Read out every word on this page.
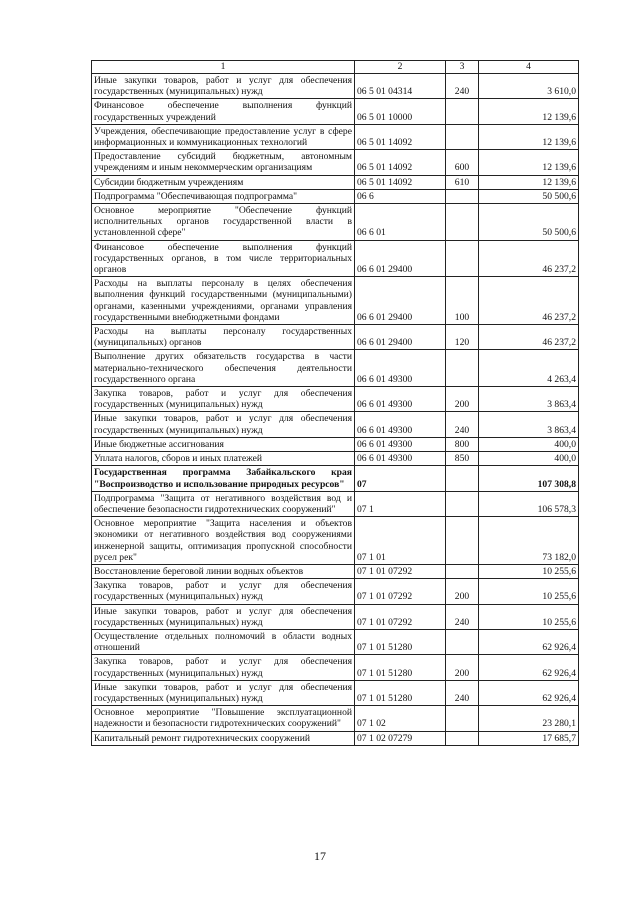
1	2	3	4
Иные закупки товаров, работ и услуг для обеспечения государственных (муниципальных) нужд	06 5 01 04314	240	3 610,0
Финансовое обеспечение выполнения функций государственных учреждений	06 5 01 10000		12 139,6
Учреждения, обеспечивающие предоставление услуг в сфере информационных и коммуникационных технологий	06 5 01 14092		12 139,6
Предоставление субсидий бюджетным, автономным учреждениям и иным некоммерческим организациям	06 5 01 14092	600	12 139,6
Субсидии бюджетным учреждениям	06 5 01 14092	610	12 139,6
Подпрограмма "Обеспечивающая подпрограмма"	06 6		50 500,6
Основное мероприятие "Обеспечение функций исполнительных органов государственной власти в установленной сфере"	06 6 01		50 500,6
Финансовое обеспечение выполнения функций государственных органов, в том числе территориальных органов	06 6 01 29400		46 237,2
Расходы на выплаты персоналу в целях обеспечения выполнения функций государственными (муниципальными) органами, казенными учреждениями, органами управления государственными внебюджетными фондами	06 6 01 29400	100	46 237,2
Расходы на выплаты персоналу государственных (муниципальных) органов	06 6 01 29400	120	46 237,2
Выполнение других обязательств государства в части материально-технического обеспечения деятельности государственного органа	06 6 01 49300		4 263,4
Закупка товаров, работ и услуг для обеспечения государственных (муниципальных) нужд	06 6 01 49300	200	3 863,4
Иные закупки товаров, работ и услуг для обеспечения государственных (муниципальных) нужд	06 6 01 49300	240	3 863,4
Иные бюджетные ассигнования	06 6 01 49300	800	400,0
Уплата налогов, сборов и иных платежей	06 6 01 49300	850	400,0
Государственная программа Забайкальского края "Воспроизводство и использование природных ресурсов"	07		107 308,8
Подпрограмма "Защита от негативного воздействия вод и обеспечение безопасности гидротехнических сооружений"	07 1		106 578,3
Основное мероприятие "Защита населения и объектов экономики от негативного воздействия вод сооружениями инженерной защиты, оптимизация пропускной способности русел рек"	07 1 01		73 182,0
Восстановление береговой линии водных объектов	07 1 01 07292		10 255,6
Закупка товаров, работ и услуг для обеспечения государственных (муниципальных) нужд	07 1 01 07292	200	10 255,6
Иные закупки товаров, работ и услуг для обеспечения государственных (муниципальных) нужд	07 1 01 07292	240	10 255,6
Осуществление отдельных полномочий в области водных отношений	07 1 01 51280		62 926,4
Закупка товаров, работ и услуг для обеспечения государственных (муниципальных) нужд	07 1 01 51280	200	62 926,4
Иные закупки товаров, работ и услуг для обеспечения государственных (муниципальных) нужд	07 1 01 51280	240	62 926,4
Основное мероприятие "Повышение эксплуатационной надежности и безопасности гидротехнических сооружений"	07 1 02		23 280,1
Капитальный ремонт гидротехнических сооружений	07 1 02 07279		17 685,7
17
